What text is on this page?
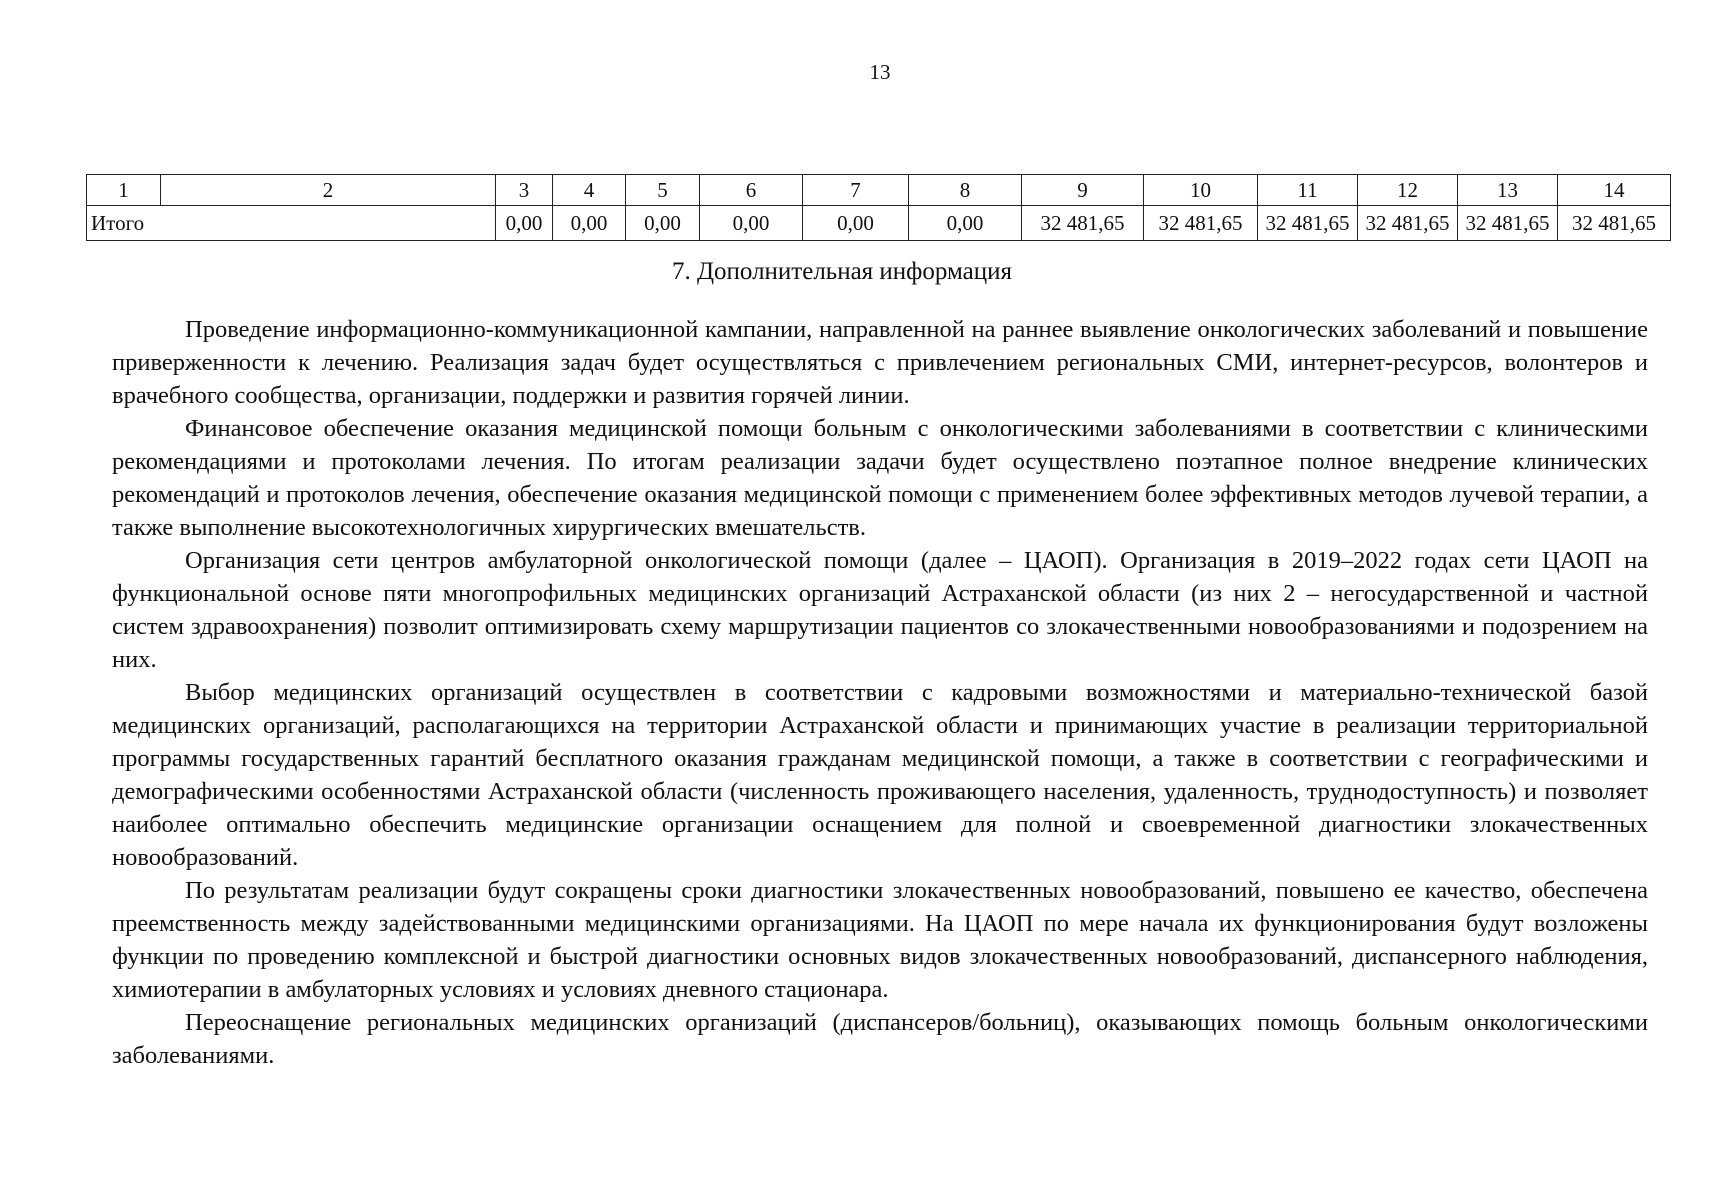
13
1	2	3	4	5	6	7	8	9	10	11	12	13	14
Итого		0,00	0,00	0,00	0,00	0,00	0,00	32 481,65	32 481,65	32 481,65	32 481,65	32 481,65	32 481,65
7. Дополнительная информация

Проведение информационно-коммуникационной кампании, направленной на раннее выявление онкологических заболеваний и повышение приверженности к лечению. Реализация задач будет осуществляться с привлечением региональных СМИ, интернет-ресурсов, волонтеров и врачебного сообщества, организации, поддержки и развития горячей линии.

Финансовое обеспечение оказания медицинской помощи больным с онкологическими заболеваниями в соответствии с клиническими рекомендациями и протоколами лечения. По итогам реализации задачи будет осуществлено поэтапное полное внедрение клинических рекомендаций и протоколов лечения, обеспечение оказания медицинской помощи с применением более эффективных методов лучевой терапии, а также выполнение высокотехнологичных хирургических вмешательств.

Организация сети центров амбулаторной онкологической помощи (далее – ЦАОП). Организация в 2019–2022 годах сети ЦАОП на функциональной основе пяти многопрофильных медицинских организаций Астраханской области (из них 2 – негосударственной и частной систем здравоохранения) позволит оптимизировать схему маршрутизации пациентов со злокачественными новообразованиями и подозрением на них.

Выбор медицинских организаций осуществлен в соответствии с кадровыми возможностями и материально-технической базой медицинских организаций, располагающихся на территории Астраханской области и принимающих участие в реализации территориальной программы государственных гарантий бесплатного оказания гражданам медицинской помощи, а также в соответствии с географическими и демографическими особенностями Астраханской области (численность проживающего населения, удаленность, труднодоступность) и позволяет наиболее оптимально обеспечить медицинские организации оснащением для полной и своевременной диагностики злокачественных новообразований.

По результатам реализации будут сокращены сроки диагностики злокачественных новообразований, повышено ее качество, обеспечена преемственность между задействованными медицинскими организациями. На ЦАОП по мере начала их функционирования будут возложены функции по проведению комплексной и быстрой диагностики основных видов злокачественных новообразований, диспансерного наблюдения, химиотерапии в амбулаторных условиях и условиях дневного стационара.

Переоснащение региональных медицинских организаций (диспансеров/больниц), оказывающих помощь больным онкологическими заболеваниями.
